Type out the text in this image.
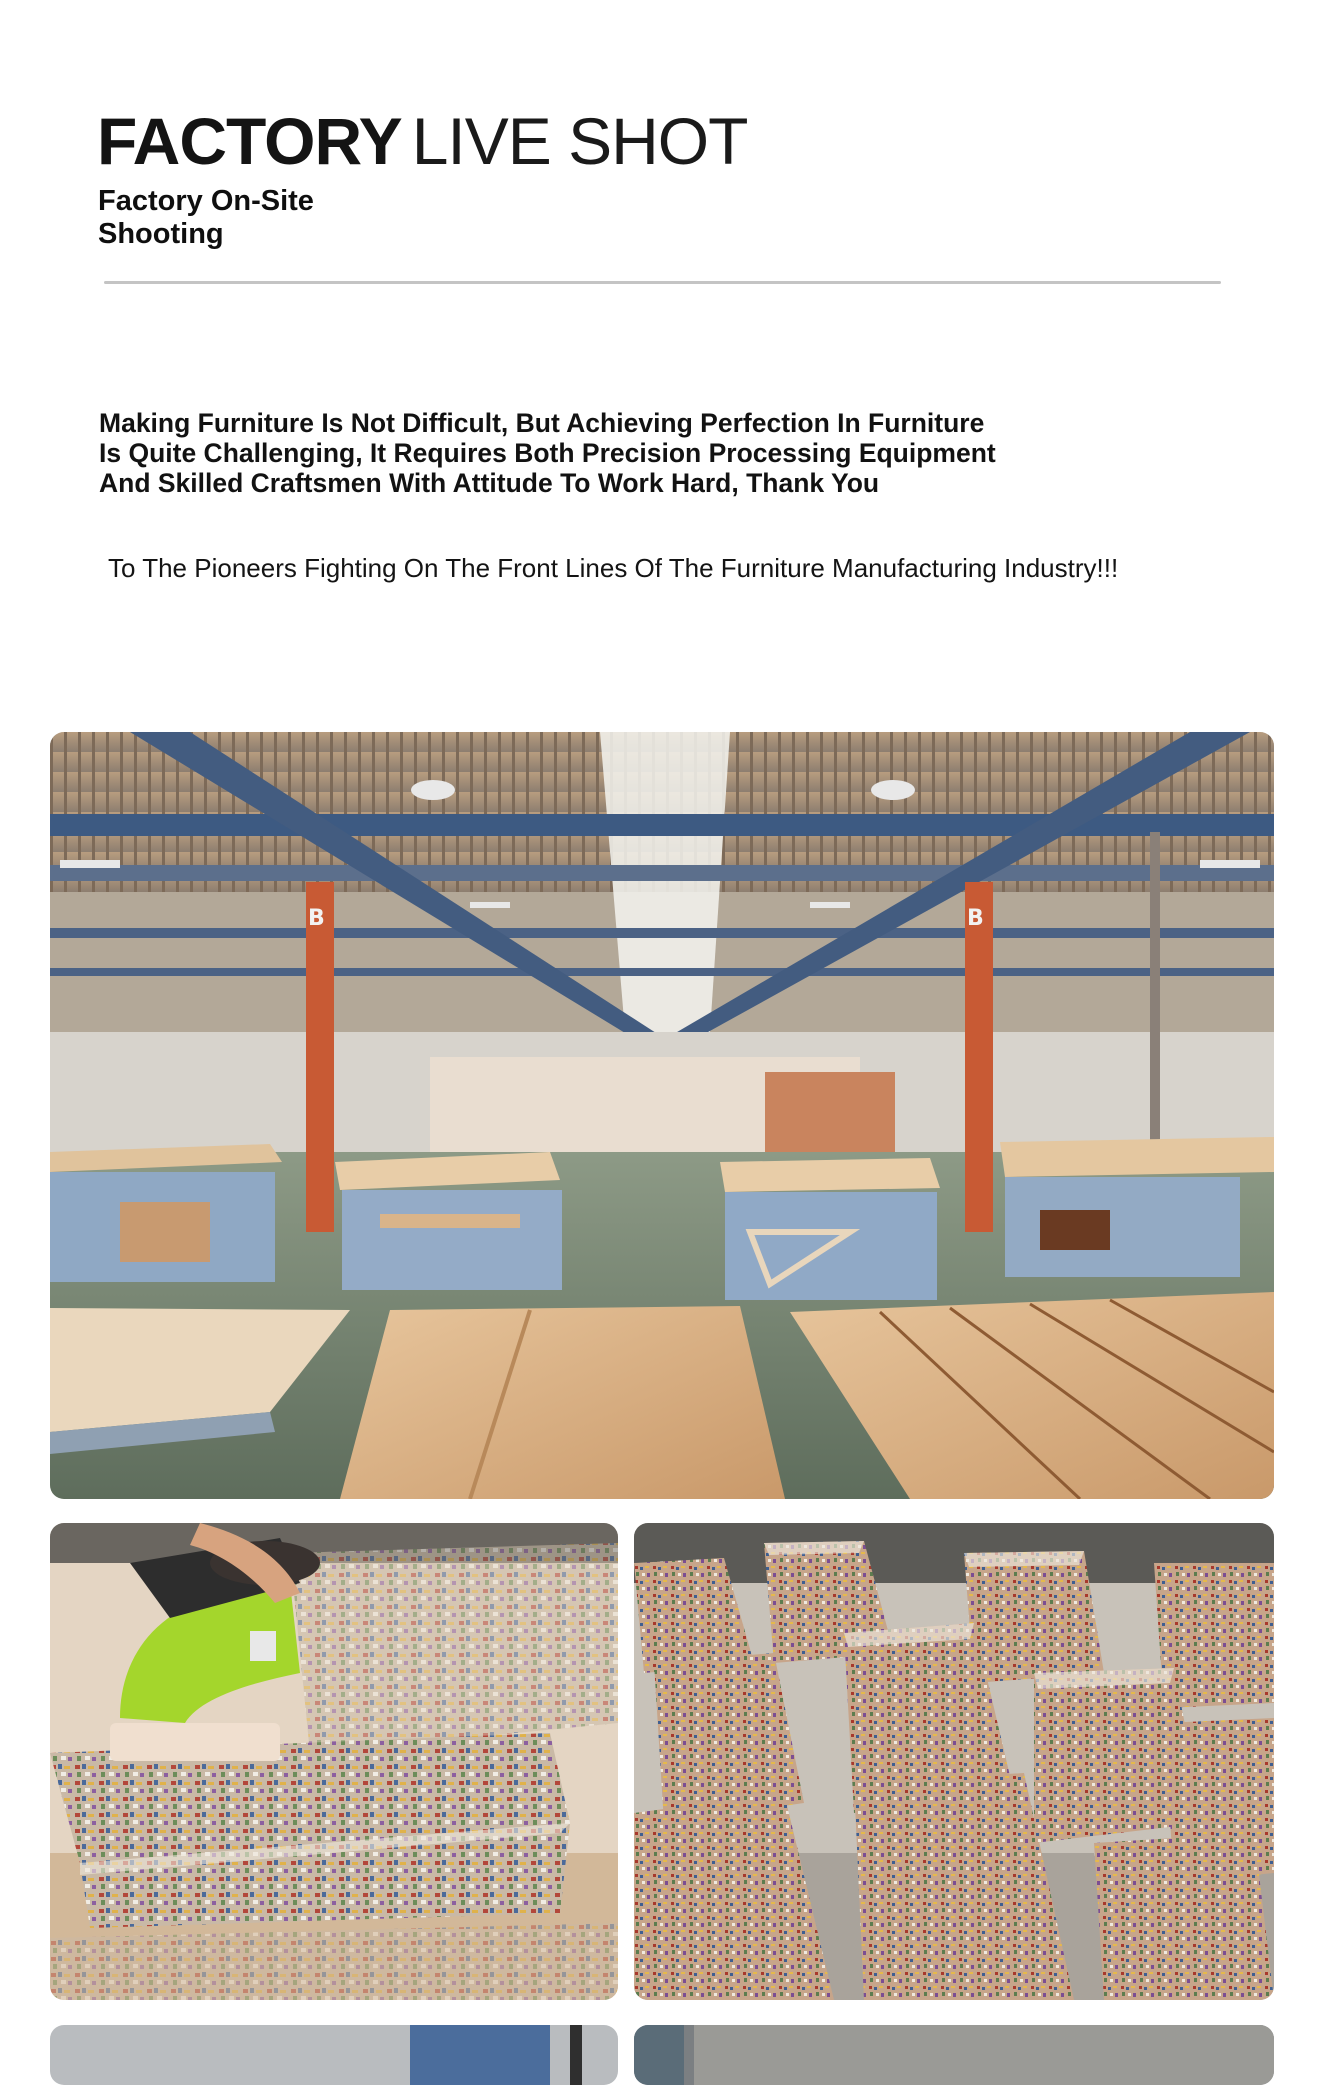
FACTORY LIVE SHOT
Factory On-Site Shooting
Making Furniture Is Not Difficult, But Achieving Perfection In Furniture
Is Quite Challenging, It Requires Both Precision Processing Equipment
And Skilled Craftsmen With Attitude To Work Hard, Thank You
To The Pioneers Fighting On The Front Lines Of The Furniture Manufacturing Industry!!!
B	B
